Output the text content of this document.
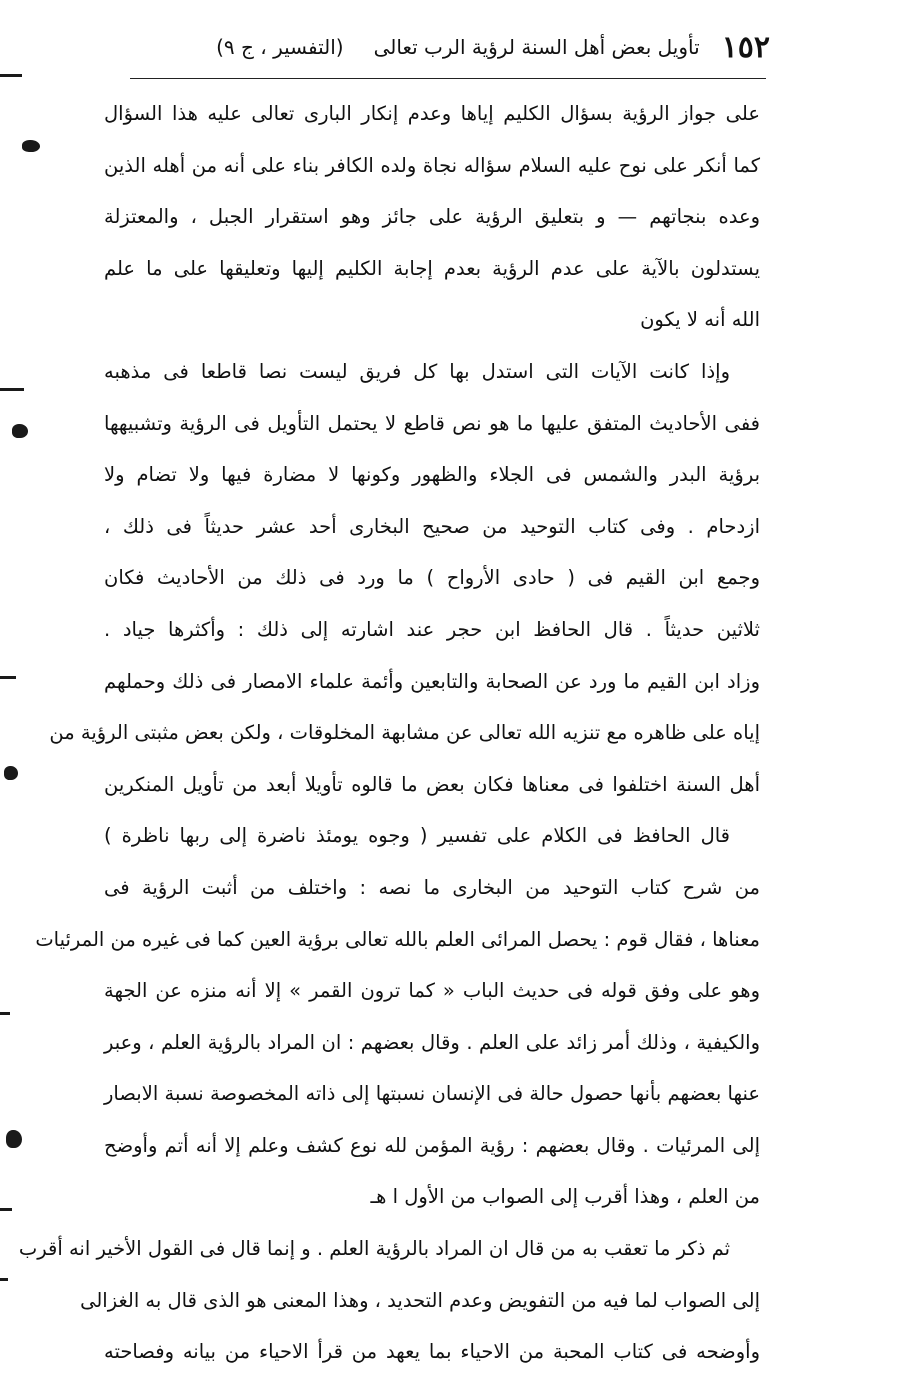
١٥٢
تأويل بعض أهل السنة لرؤية الرب تعالى
(التفسير ، ج ٩)
على جواز الرؤية بسؤال الكليم إياها وعدم إنكار البارى تعالى عليه هذا السؤال
كما أنكر على نوح عليه السلام سؤاله نجاة ولده الكافر بناء على أنه من أهله الذين
وعده بنجاتهم — و بتعليق الرؤية على جائز وهو استقرار الجبل ، والمعتزلة
يستدلون بالآية على عدم الرؤية بعدم إجابة الكليم إليها وتعليقها على ما علم
الله أنه لا يكون
وإذا كانت الآيات التى استدل بها كل فريق ليست نصا قاطعا فى مذهبه
ففى الأحاديث المتفق عليها ما هو نص قاطع لا يحتمل التأويل فى الرؤية وتشبيهها
برؤية البدر والشمس فى الجلاء والظهور وكونها لا مضارة فيها ولا تضام ولا
ازدحام . وفى كتاب التوحيد من صحيح البخارى أحد عشر حديثاً فى ذلك ،
وجمع ابن القيم فى ( حادى الأرواح ) ما ورد فى ذلك من الأحاديث فكان
ثلاثين حديثاً . قال الحافظ ابن حجر عند اشارته إلى ذلك : وأكثرها جياد .
وزاد ابن القيم ما ورد عن الصحابة والتابعين وأئمة علماء الامصار فى ذلك وحملهم
إياه على ظاهره مع تنزيه الله تعالى عن مشابهة المخلوقات ، ولكن بعض مثبتى الرؤية من
أهل السنة اختلفوا فى معناها فكان بعض ما قالوه تأويلا أبعد من تأويل المنكرين
قال الحافظ فى الكلام على تفسير ( وجوه يومئذ ناضرة إلى ربها ناظرة )
من شرح كتاب التوحيد من البخارى ما نصه : واختلف من أثبت الرؤية فى
معناها ، فقال قوم : يحصل المرائى العلم بالله تعالى برؤية العين كما فى غيره من المرئيات
وهو على وفق قوله فى حديث الباب « كما ترون القمر » إلا أنه منزه عن الجهة
والكيفية ، وذلك أمر زائد على العلم . وقال بعضهم : ان المراد بالرؤية العلم ، وعبر
عنها بعضهم بأنها حصول حالة فى الإنسان نسبتها إلى ذاته المخصوصة نسبة الابصار
إلى المرئيات . وقال بعضهم : رؤية المؤمن لله نوع كشف وعلم إلا أنه أتم وأوضح
من العلم ، وهذا أقرب إلى الصواب من الأول ا هـ
ثم ذكر ما تعقب به من قال ان المراد بالرؤية العلم . و إنما قال فى القول الأخير انه أقرب
إلى الصواب لما فيه من التفويض وعدم التحديد ، وهذا المعنى هو الذى قال به الغزالى
وأوضحه فى كتاب المحبة من الاحياء بما يعهد من قرأ الاحياء من بيانه وفصاحته
